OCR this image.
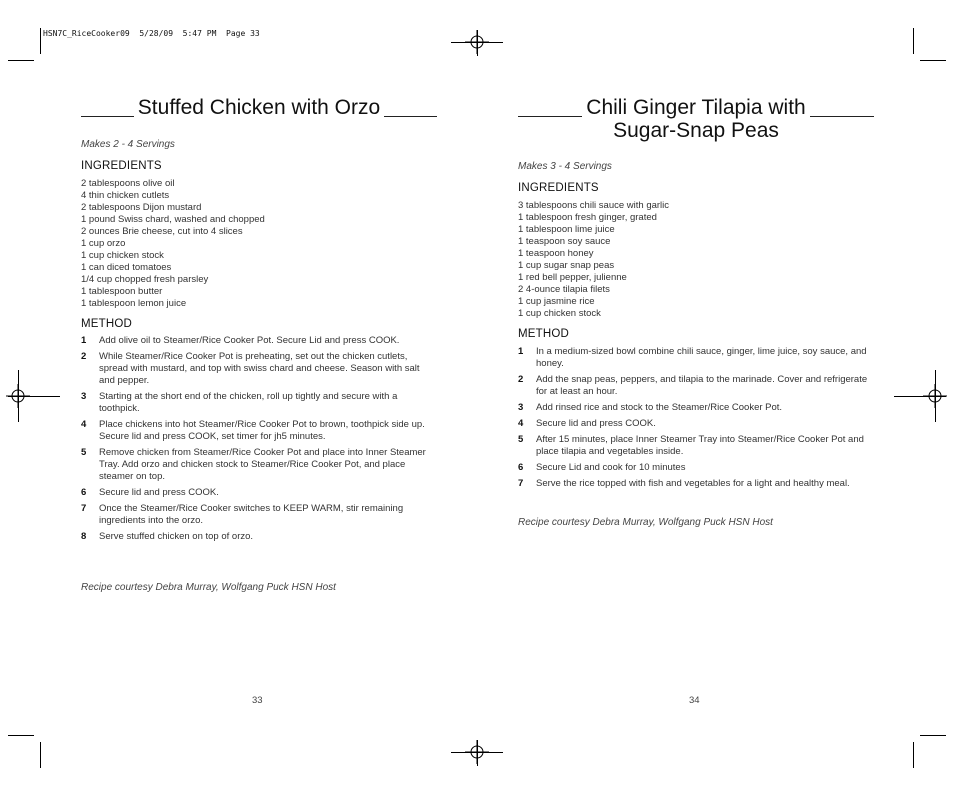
HSN7C_RiceCooker09  5/28/09  5:47 PM  Page 33
Stuffed Chicken with Orzo
Makes 2 - 4 Servings
INGREDIENTS
2 tablespoons olive oil
4 thin chicken cutlets
2 tablespoons Dijon mustard
1 pound Swiss chard, washed and chopped
2 ounces Brie cheese, cut into 4 slices
1 cup orzo
1 cup chicken stock
1 can diced tomatoes
1/4 cup chopped fresh parsley
1 tablespoon butter
1 tablespoon lemon juice
METHOD
1 Add olive oil to Steamer/Rice Cooker Pot. Secure Lid and press COOK.
2 While Steamer/Rice Cooker Pot is preheating, set out the chicken cutlets, spread with mustard, and top with swiss chard and cheese. Season with salt and pepper.
3 Starting at the short end of the chicken, roll up tightly and secure with a toothpick.
4 Place chickens into hot Steamer/Rice Cooker Pot to brown, toothpick side up. Secure lid and press COOK, set timer for jh5 minutes.
5 Remove chicken from Steamer/Rice Cooker Pot and place into Inner Steamer Tray. Add orzo and chicken stock to Steamer/Rice Cooker Pot, and place steamer on top.
6 Secure lid and press COOK.
7 Once the Steamer/Rice Cooker switches to KEEP WARM, stir remaining ingredients into the orzo.
8 Serve stuffed chicken on top of orzo.
Recipe courtesy Debra Murray, Wolfgang Puck HSN Host
33
Chili Ginger Tilapia with
Sugar-Snap Peas
Makes 3 - 4 Servings
INGREDIENTS
3 tablespoons chili sauce with garlic
1 tablespoon fresh ginger, grated
1 tablespoon lime juice
1 teaspoon soy sauce
1 teaspoon honey
1 cup sugar snap peas
1 red bell pepper, julienne
2 4-ounce tilapia filets
1 cup jasmine rice
1 cup chicken stock
METHOD
1 In a medium-sized bowl combine chili sauce, ginger, lime juice, soy sauce, and honey.
2 Add the snap peas, peppers, and tilapia to the marinade. Cover and refrigerate for at least an hour.
3 Add rinsed rice and stock to the Steamer/Rice Cooker Pot.
4 Secure lid and press COOK.
5 After 15 minutes, place Inner Steamer Tray into Steamer/Rice Cooker Pot and place tilapia and vegetables inside.
6 Secure Lid and cook for 10 minutes
7 Serve the rice topped with fish and vegetables for a light and healthy meal.
Recipe courtesy Debra Murray, Wolfgang Puck HSN Host
34
